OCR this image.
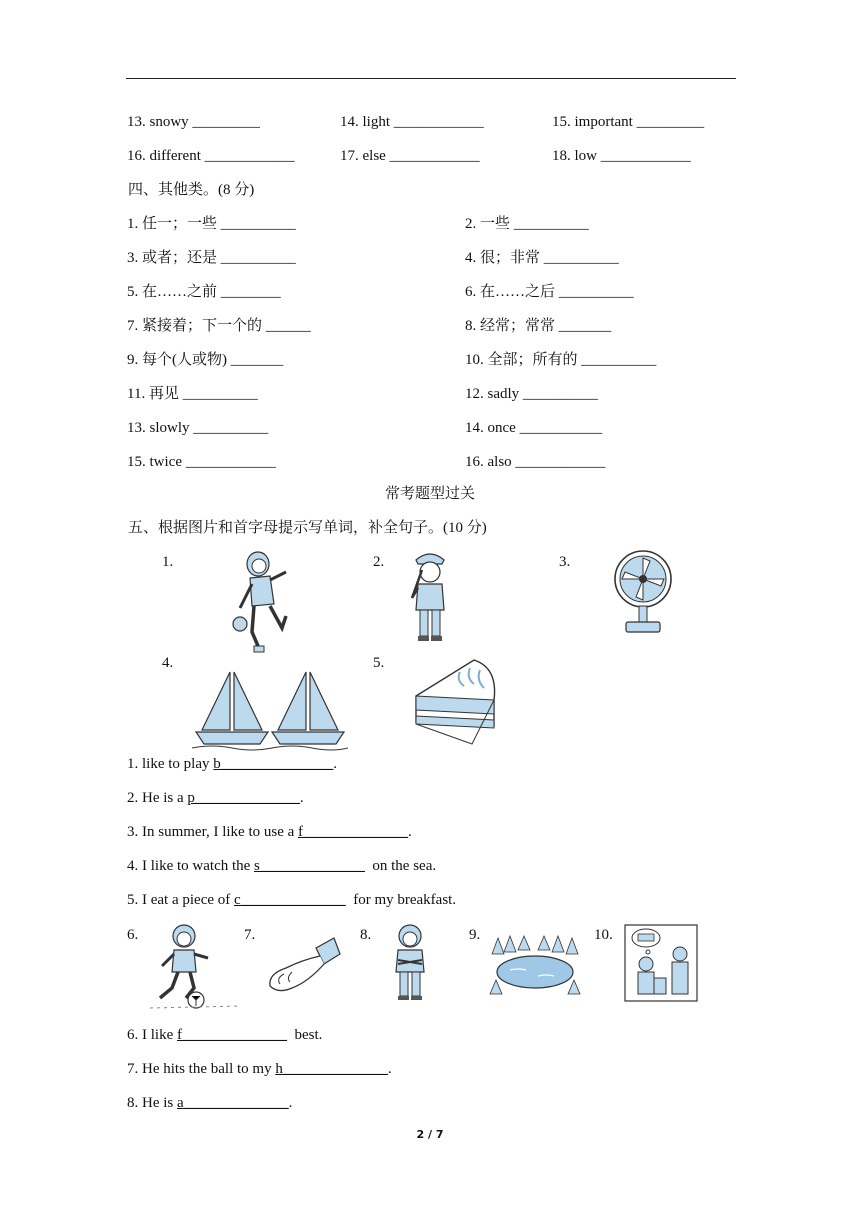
13. snowy _________	14. light ____________	15. important _________
16. different ____________	17. else ____________	18. low ____________
四、其他类。(8 分)
1. 任一；一些 __________	2. 一些 __________
3. 或者；还是 __________	4. 很；非常 __________
5. 在……之前 ________	6. 在……之后 __________
7. 紧接着；下一个的 ______	8. 经常；常常 _______
9. 每个(人或物) _______	10. 全部；所有的 __________
11. 再见 __________	12. sadly __________
13. slowly __________	14. once ___________
15. twice ____________	16. also ____________
常考题型过关
五、根据图片和首字母提示写单词，补全句子。(10 分)
1.	2.	3.
4.	5.
1. like to play b_______________.
2. He is a p______________.
3. In summer, I like to use a f______________.
4. I like to watch the s______________  on the sea.
5. I eat a piece of c______________  for my breakfast.
6.	7.	8.	9.	10.
6. I like f______________  best.
7. He hits the ball to my h______________.
8. He is a______________.
2 / 7
